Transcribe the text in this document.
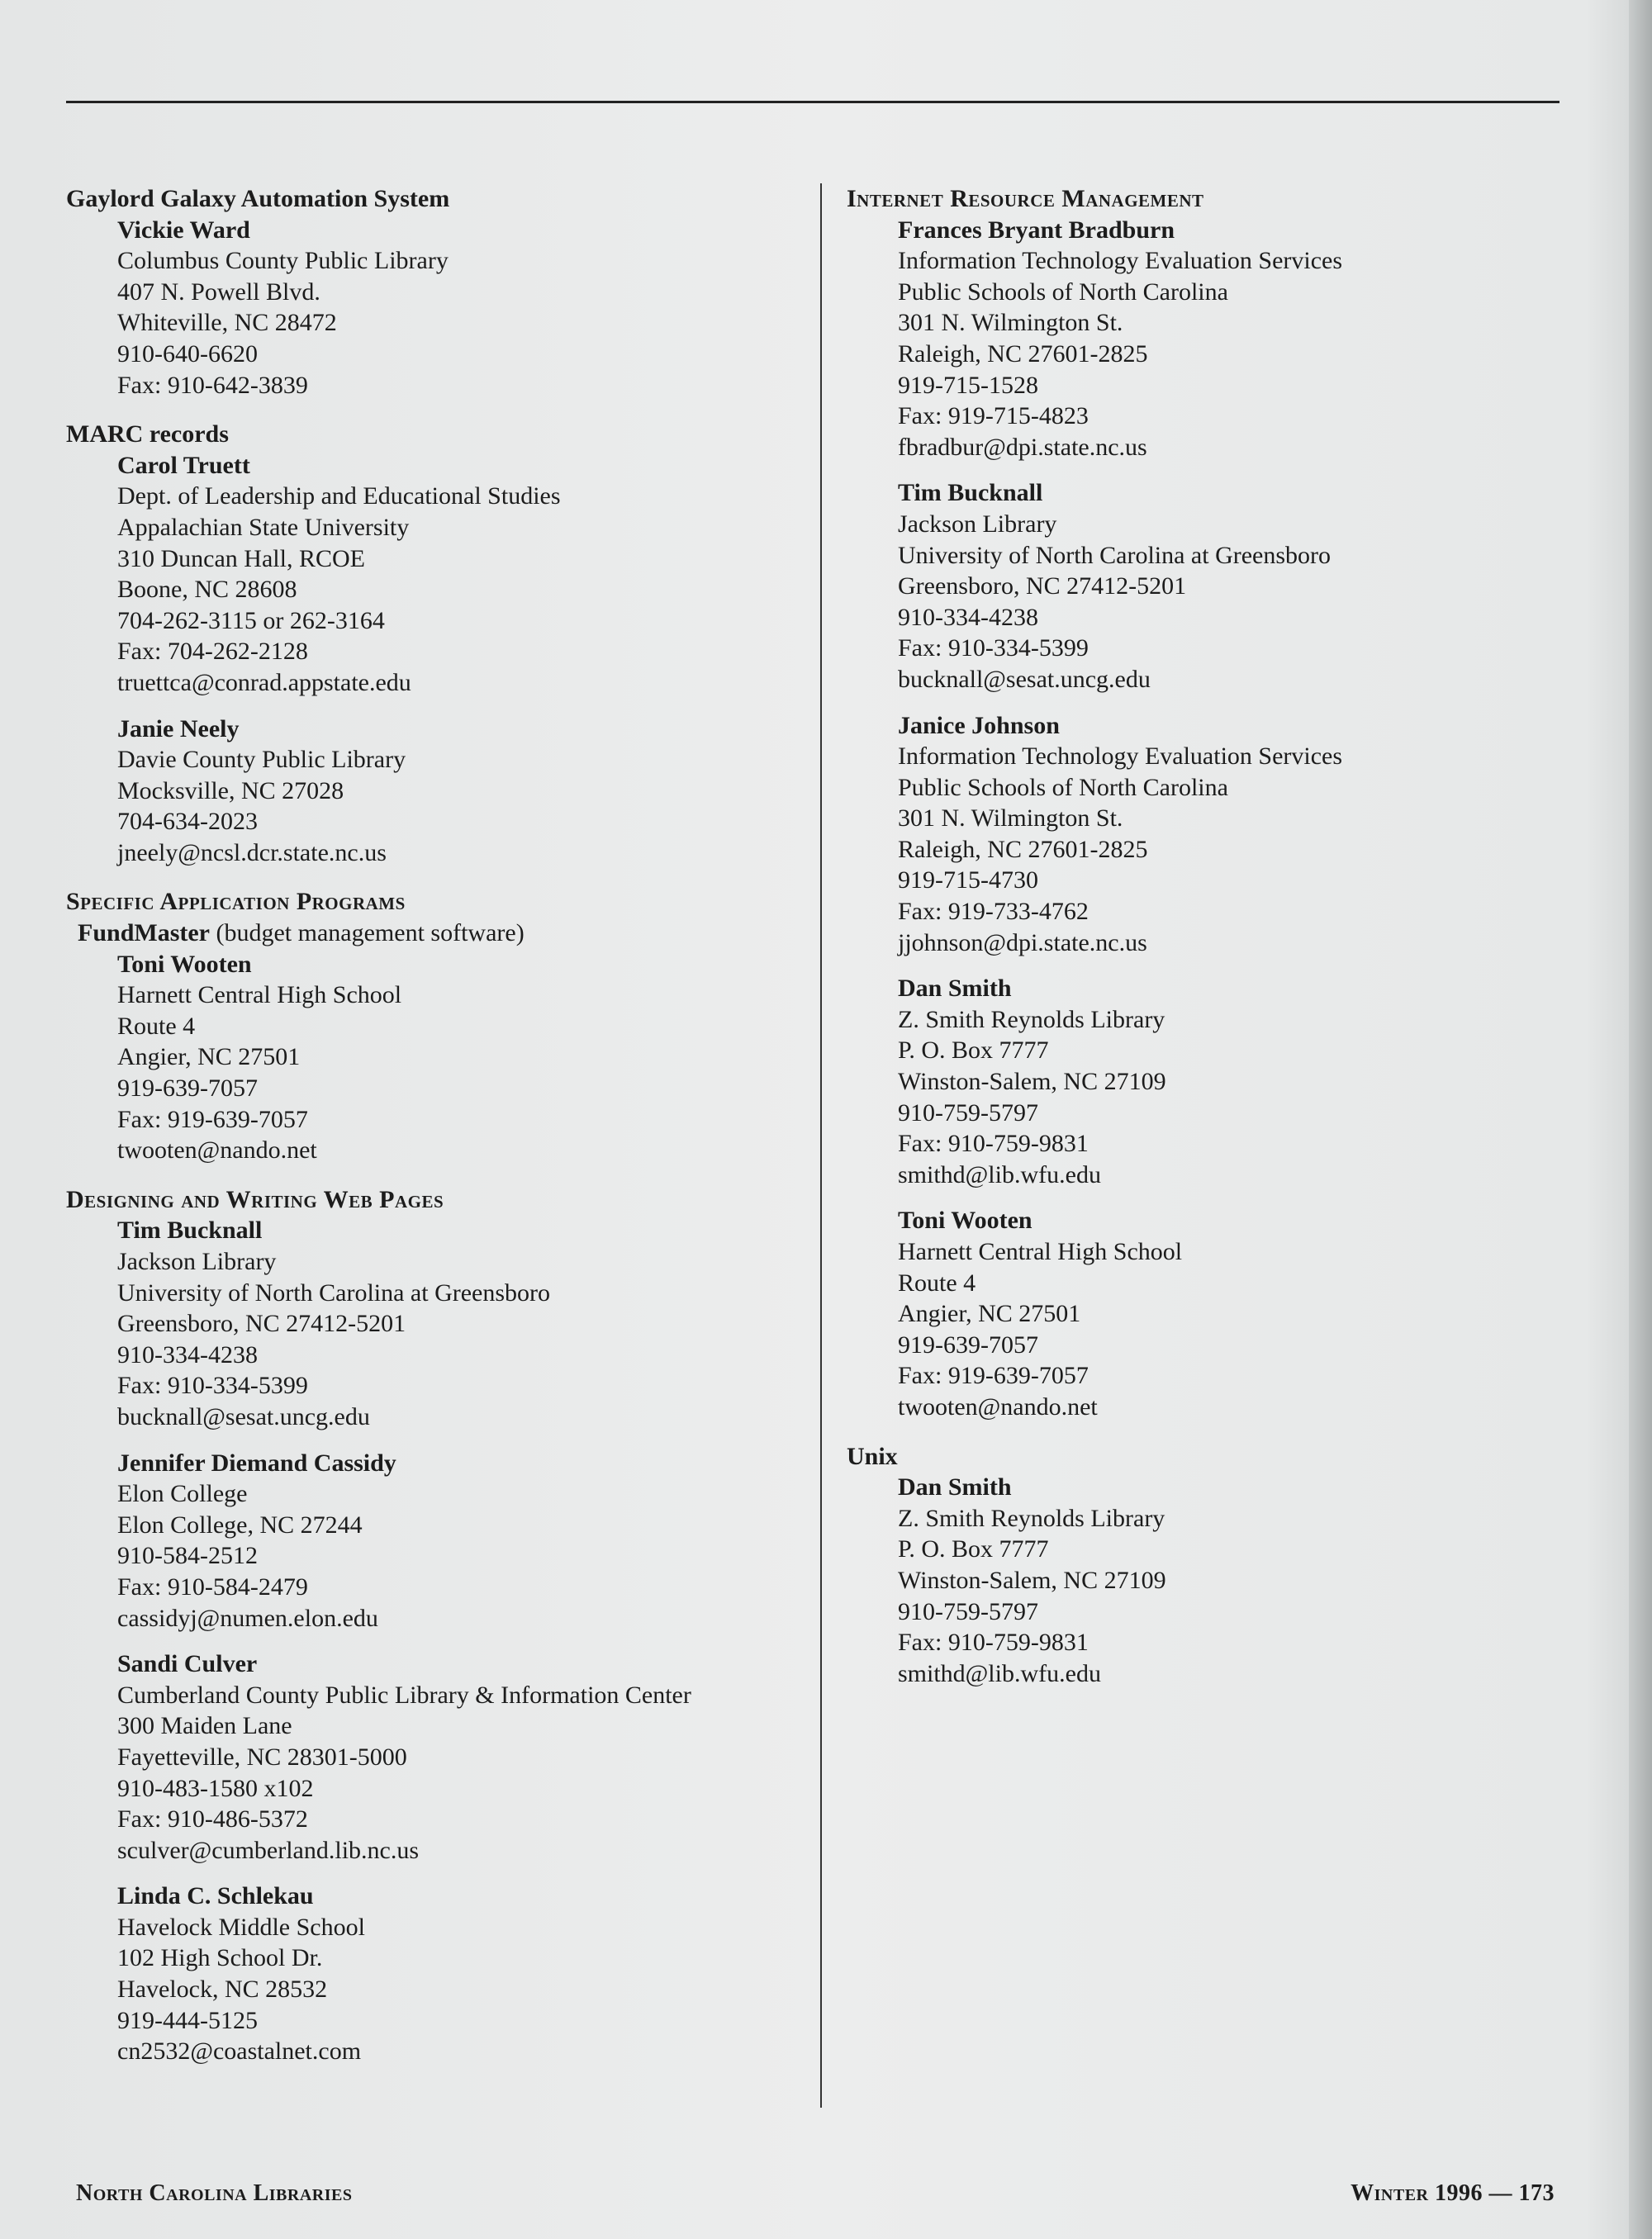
Gaylord Galaxy Automation System
Vickie Ward
Columbus County Public Library
407 N. Powell Blvd.
Whiteville, NC 28472
910-640-6620
Fax: 910-642-3839
MARC records
Carol Truett
Dept. of Leadership and Educational Studies
Appalachian State University
310 Duncan Hall, RCOE
Boone, NC 28608
704-262-3115 or 262-3164
Fax: 704-262-2128
truettca@conrad.appstate.edu
Janie Neely
Davie County Public Library
Mocksville, NC 27028
704-634-2023
jneely@ncsl.dcr.state.nc.us
Specific Application Programs
FundMaster (budget management software)
Toni Wooten
Harnett Central High School
Route 4
Angier, NC 27501
919-639-7057
Fax: 919-639-7057
twooten@nando.net
Designing and Writing Web Pages
Tim Bucknall
Jackson Library
University of North Carolina at Greensboro
Greensboro, NC 27412-5201
910-334-4238
Fax: 910-334-5399
bucknall@sesat.uncg.edu
Jennifer Diemand Cassidy
Elon College
Elon College, NC 27244
910-584-2512
Fax: 910-584-2479
cassidyj@numen.elon.edu
Sandi Culver
Cumberland County Public Library & Information Center
300 Maiden Lane
Fayetteville, NC 28301-5000
910-483-1580 x102
Fax: 910-486-5372
sculver@cumberland.lib.nc.us
Linda C. Schlekau
Havelock Middle School
102 High School Dr.
Havelock, NC 28532
919-444-5125
cn2532@coastalnet.com
Internet Resource Management
Frances Bryant Bradburn
Information Technology Evaluation Services
Public Schools of North Carolina
301 N. Wilmington St.
Raleigh, NC 27601-2825
919-715-1528
Fax: 919-715-4823
fbradbur@dpi.state.nc.us
Tim Bucknall
Jackson Library
University of North Carolina at Greensboro
Greensboro, NC 27412-5201
910-334-4238
Fax: 910-334-5399
bucknall@sesat.uncg.edu
Janice Johnson
Information Technology Evaluation Services
Public Schools of North Carolina
301 N. Wilmington St.
Raleigh, NC 27601-2825
919-715-4730
Fax: 919-733-4762
jjohnson@dpi.state.nc.us
Dan Smith
Z. Smith Reynolds Library
P. O. Box 7777
Winston-Salem, NC 27109
910-759-5797
Fax: 910-759-9831
smithd@lib.wfu.edu
Toni Wooten
Harnett Central High School
Route 4
Angier, NC 27501
919-639-7057
Fax: 919-639-7057
twooten@nando.net
Unix
Dan Smith
Z. Smith Reynolds Library
P. O. Box 7777
Winston-Salem, NC 27109
910-759-5797
Fax: 910-759-9831
smithd@lib.wfu.edu
North Carolina Libraries	Winter 1996 — 173
